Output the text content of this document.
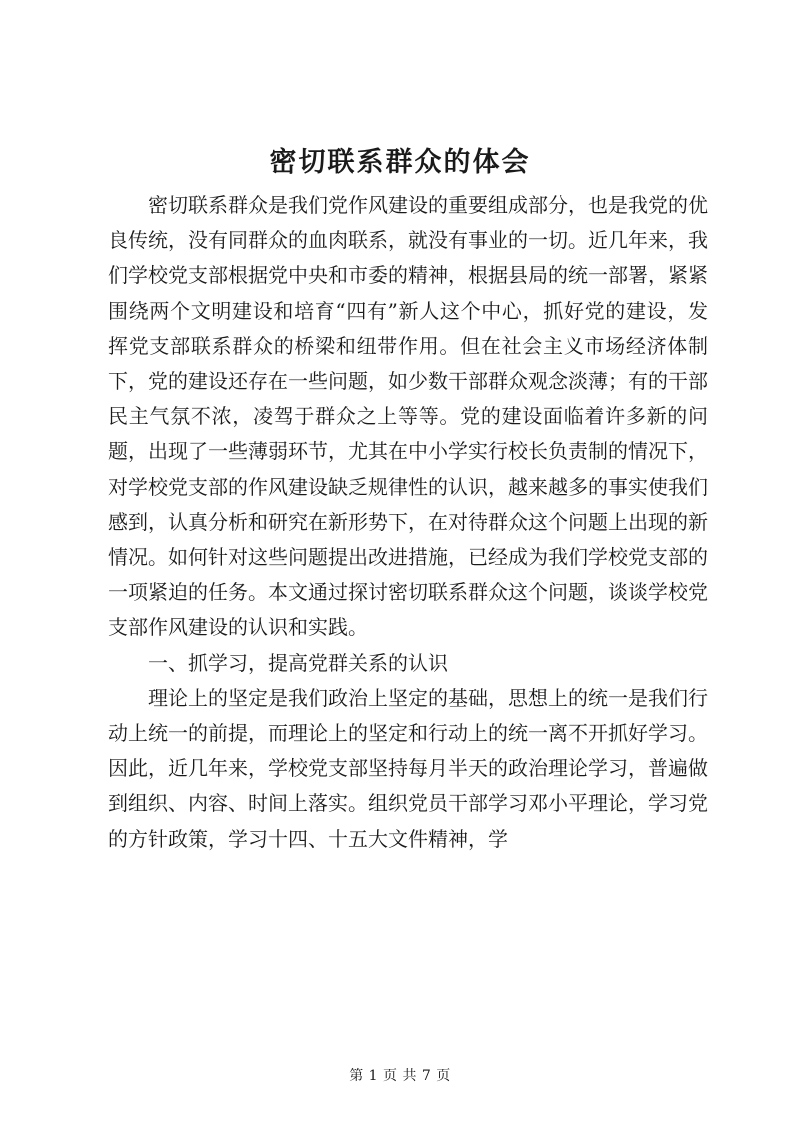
密切联系群众的体会

密切联系群众是我们党作风建设的重要组成部分，也是我党的优良传统，没有同群众的血肉联系，就没有事业的一切。近几年来，我们学校党支部根据党中央和市委的精神，根据县局的统一部署，紧紧围绕两个文明建设和培育“四有”新人这个中心，抓好党的建设，发挥党支部联系群众的桥梁和纽带作用。但在社会主义市场经济体制下，党的建设还存在一些问题，如少数干部群众观念淡薄；有的干部民主气氛不浓，凌驾于群众之上等等。党的建设面临着许多新的问题，出现了一些薄弱环节，尤其在中小学实行校长负责制的情况下，对学校党支部的作风建设缺乏规律性的认识，越来越多的事实使我们感到，认真分析和研究在新形势下，在对待群众这个问题上出现的新情况。如何针对这些问题提出改进措施，已经成为我们学校党支部的一项紧迫的任务。本文通过探讨密切联系群众这个问题，谈谈学校党支部作风建设的认识和实践。

一、抓学习，提高党群关系的认识

理论上的坚定是我们政治上坚定的基础，思想上的统一是我们行动上统一的前提，而理论上的坚定和行动上的统一离不开抓好学习。因此，近几年来，学校党支部坚持每月半天的政治理论学习，普遍做到组织、内容、时间上落实。组织党员干部学习邓小平理论，学习党的方针政策，学习十四、十五大文件精神，学

第 1 页 共 7 页
